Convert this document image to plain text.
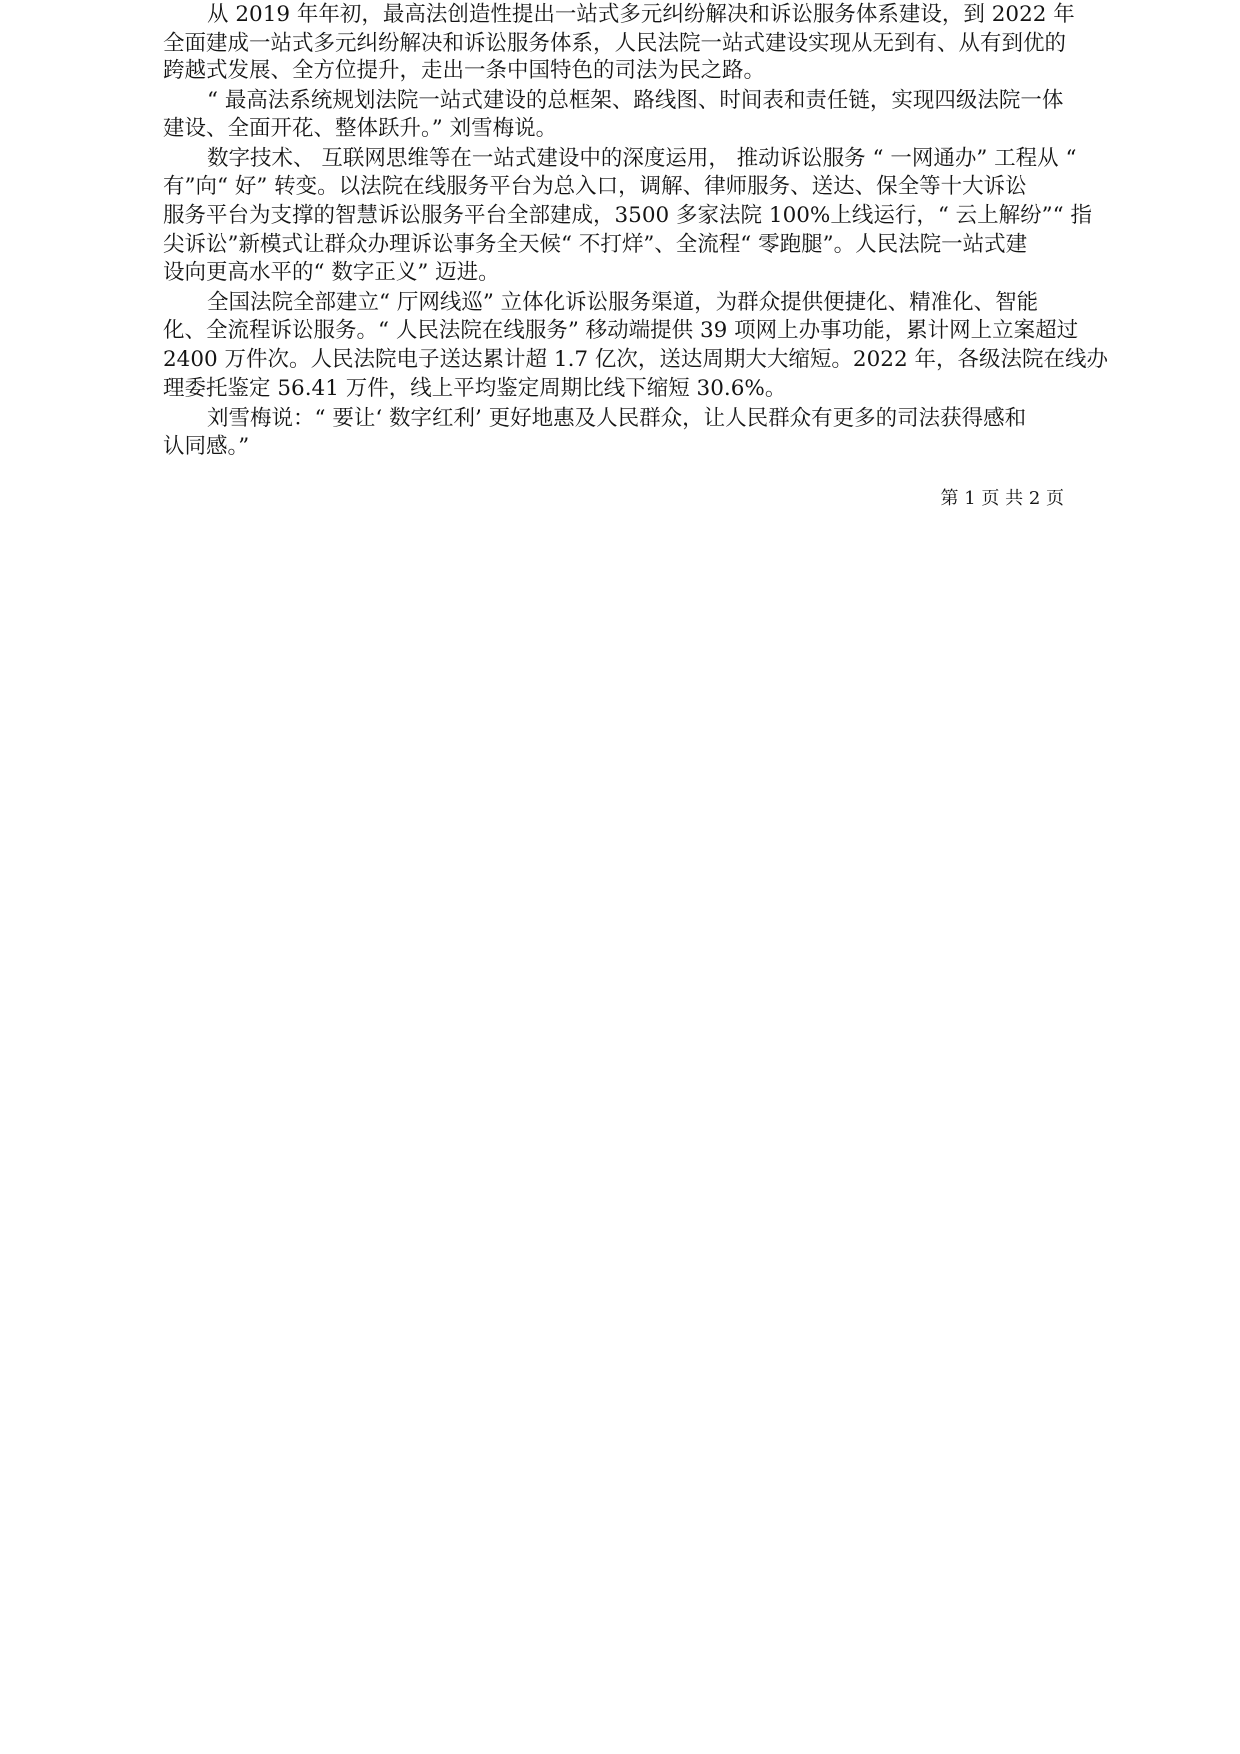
从 2019 年年初，最高法创造性提出一站式多元纠纷解决和诉讼服务体系建设，到 2022 年
全面建成一站式多元纠纷解决和诉讼服务体系，人民法院一站式建设实现从无到有、从有到优的
跨越式发展、全方位提升，走出一条中国特色的司法为民之路。
“ 最高法系统规划法院一站式建设的总框架、路线图、时间表和责任链，实现四级法院一体
建设、全面开花、整体跃升。” 刘雪梅说。
数字技术、 互联网思维等在一站式建设中的深度运用， 推动诉讼服务 “ 一网通办” 工程从 “
有”向“ 好” 转变。以法院在线服务平台为总入口，调解、律师服务、送达、保全等十大诉讼
服务平台为支撑的智慧诉讼服务平台全部建成，3500 多家法院 100%上线运行，“ 云上解纷”“ 指
尖诉讼”新模式让群众办理诉讼事务全天候“ 不打烊”、全流程“ 零跑腿”。人民法院一站式建
设向更高水平的“ 数字正义” 迈进。
全国法院全部建立“ 厅网线巡” 立体化诉讼服务渠道，为群众提供便捷化、精准化、智能
化、全流程诉讼服务。“ 人民法院在线服务” 移动端提供 39 项网上办事功能，累计网上立案超过
2400 万件次。人民法院电子送达累计超 1.7 亿次，送达周期大大缩短。2022 年，各级法院在线办
理委托鉴定 56.41 万件，线上平均鉴定周期比线下缩短 30.6%。
刘雪梅说：“ 要让‘ 数字红利’ 更好地惠及人民群众，让人民群众有更多的司法获得感和
认同感。”
第 1 页 共 2 页
